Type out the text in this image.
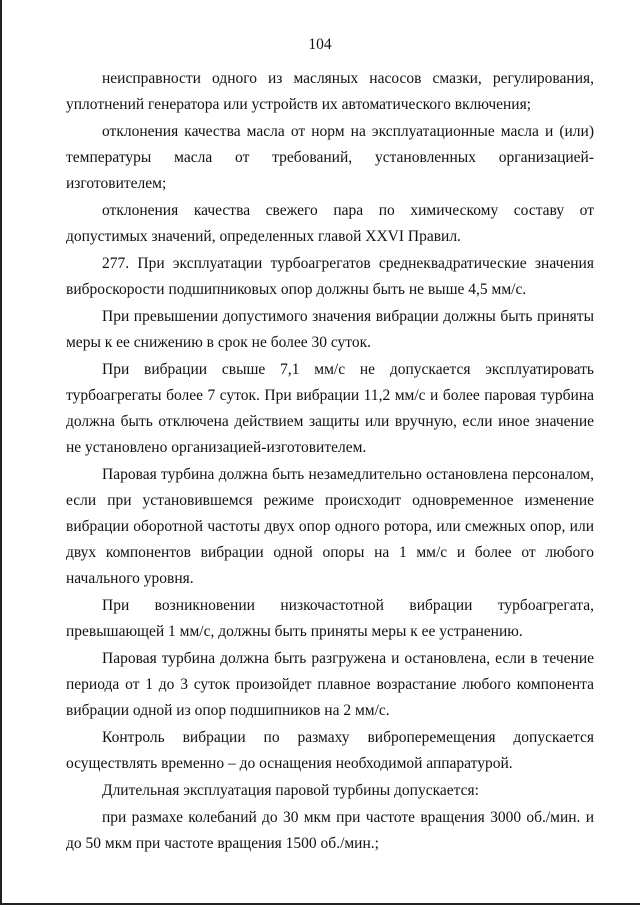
104

неисправности одного из масляных насосов смазки, регулирования, уплотнений генератора или устройств их автоматического включения;

отклонения качества масла от норм на эксплуатационные масла и (или) температуры масла от требований, установленных организацией-изготовителем;

отклонения качества свежего пара по химическому составу от допустимых значений, определенных главой XXVI Правил.

277. При эксплуатации турбоагрегатов среднеквадратические значения виброскорости подшипниковых опор должны быть не выше 4,5 мм/с.

При превышении допустимого значения вибрации должны быть приняты меры к ее снижению в срок не более 30 суток.

При вибрации свыше 7,1 мм/с не допускается эксплуатировать турбоагрегаты более 7 суток. При вибрации 11,2 мм/с и более паровая турбина должна быть отключена действием защиты или вручную, если иное значение не установлено организацией-изготовителем.

Паровая турбина должна быть незамедлительно остановлена персоналом, если при установившемся режиме происходит одновременное изменение вибрации оборотной частоты двух опор одного ротора, или смежных опор, или двух компонентов вибрации одной опоры на 1 мм/с и более от любого начального уровня.

При возникновении низкочастотной вибрации турбоагрегата, превышающей 1 мм/с, должны быть приняты меры к ее устранению.

Паровая турбина должна быть разгружена и остановлена, если в течение периода от 1 до 3 суток произойдет плавное возрастание любого компонента вибрации одной из опор подшипников на 2 мм/с.

Контроль вибрации по размаху виброперемещения допускается осуществлять временно – до оснащения необходимой аппаратурой.

Длительная эксплуатация паровой турбины допускается:

при размахе колебаний до 30 мкм при частоте вращения 3000 об./мин. и до 50 мкм при частоте вращения 1500 об./мин.;
